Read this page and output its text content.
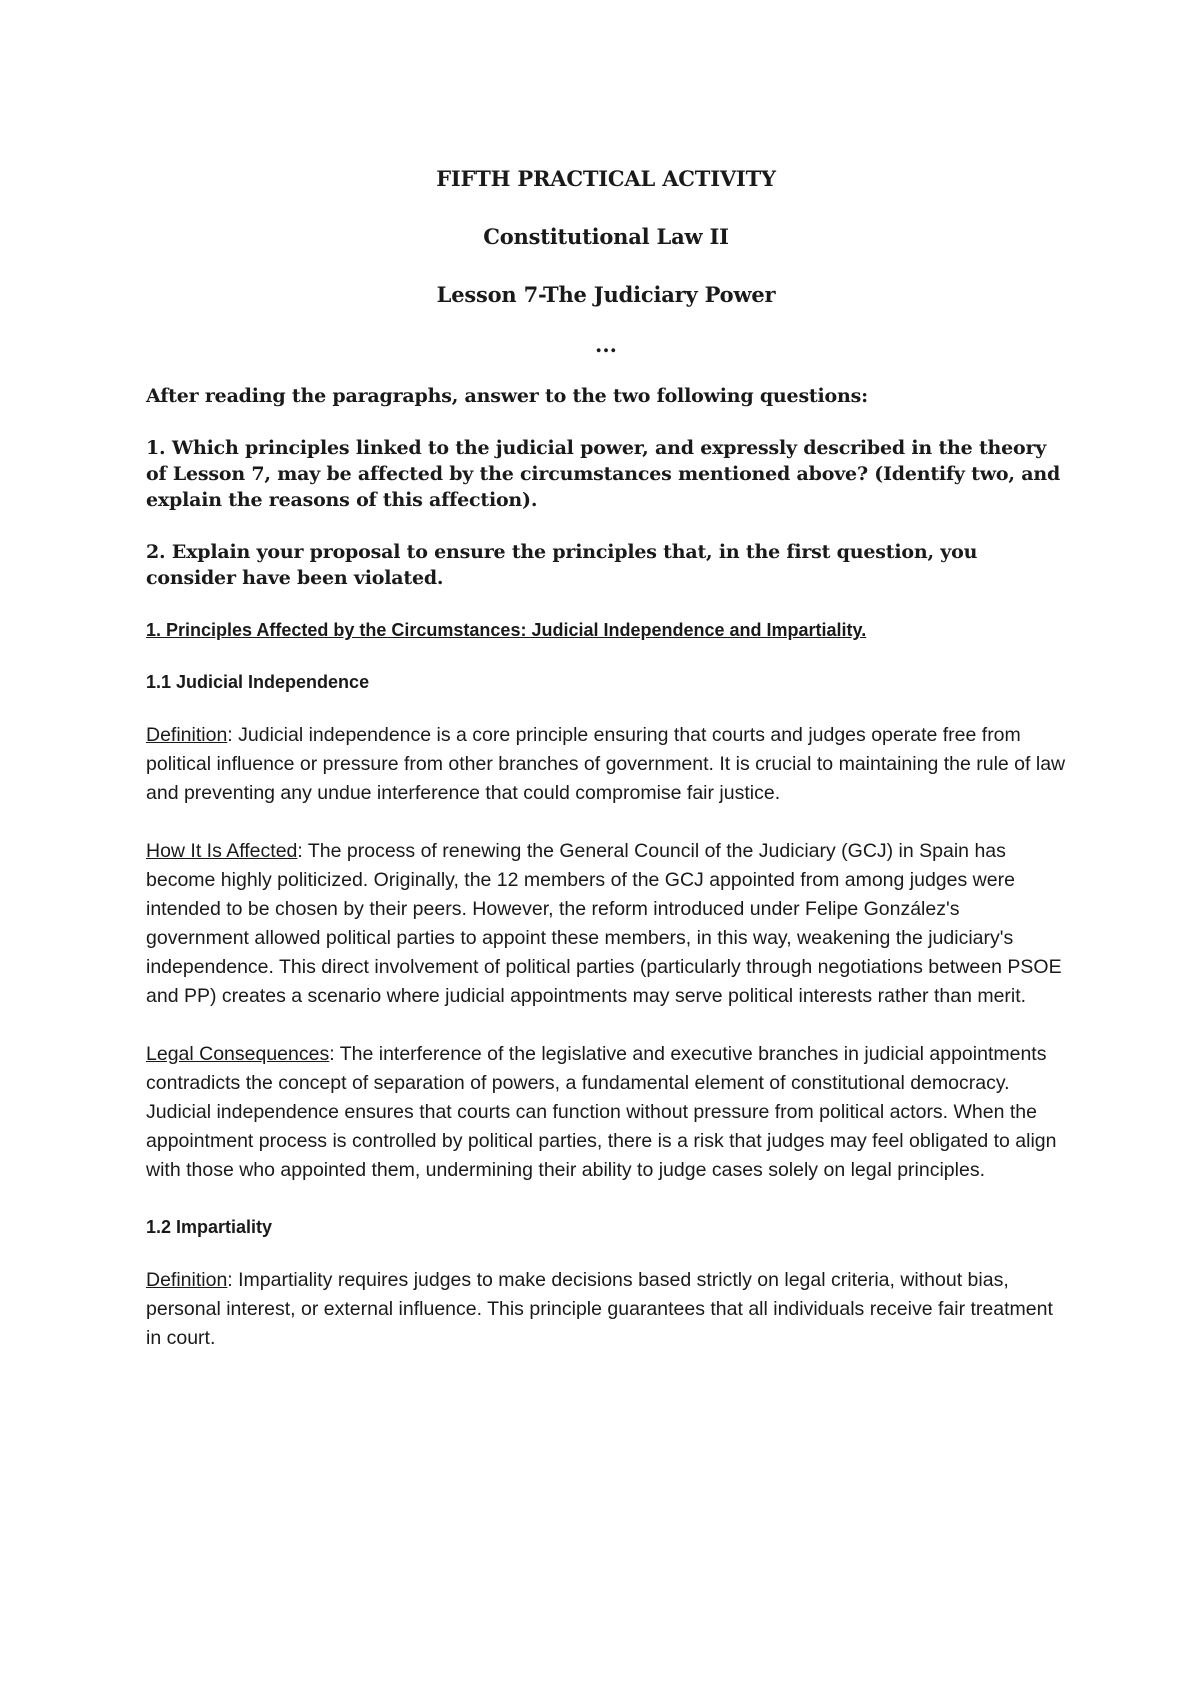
FIFTH PRACTICAL ACTIVITY

Constitutional Law II

Lesson 7-The Judiciary Power

...

After reading the paragraphs, answer to the two following questions:

1. Which principles linked to the judicial power, and expressly described in the theory of Lesson 7, may be affected by the circumstances mentioned above? (Identify two, and explain the reasons of this affection).

2. Explain your proposal to ensure the principles that, in the first question, you consider have been violated.

1. Principles Affected by the Circumstances: Judicial Independence and Impartiality.

1.1 Judicial Independence

Definition: Judicial independence is a core principle ensuring that courts and judges operate free from political influence or pressure from other branches of government. It is crucial to maintaining the rule of law and preventing any undue interference that could compromise fair justice.

How It Is Affected: The process of renewing the General Council of the Judiciary (GCJ) in Spain has become highly politicized. Originally, the 12 members of the GCJ appointed from among judges were intended to be chosen by their peers. However, the reform introduced under Felipe González's government allowed political parties to appoint these members, in this way, weakening the judiciary's independence. This direct involvement of political parties (particularly through negotiations between PSOE and PP) creates a scenario where judicial appointments may serve political interests rather than merit.

Legal Consequences: The interference of the legislative and executive branches in judicial appointments contradicts the concept of separation of powers, a fundamental element of constitutional democracy. Judicial independence ensures that courts can function without pressure from political actors. When the appointment process is controlled by political parties, there is a risk that judges may feel obligated to align with those who appointed them, undermining their ability to judge cases solely on legal principles.

1.2 Impartiality

Definition: Impartiality requires judges to make decisions based strictly on legal criteria, without bias, personal interest, or external influence. This principle guarantees that all individuals receive fair treatment in court.
